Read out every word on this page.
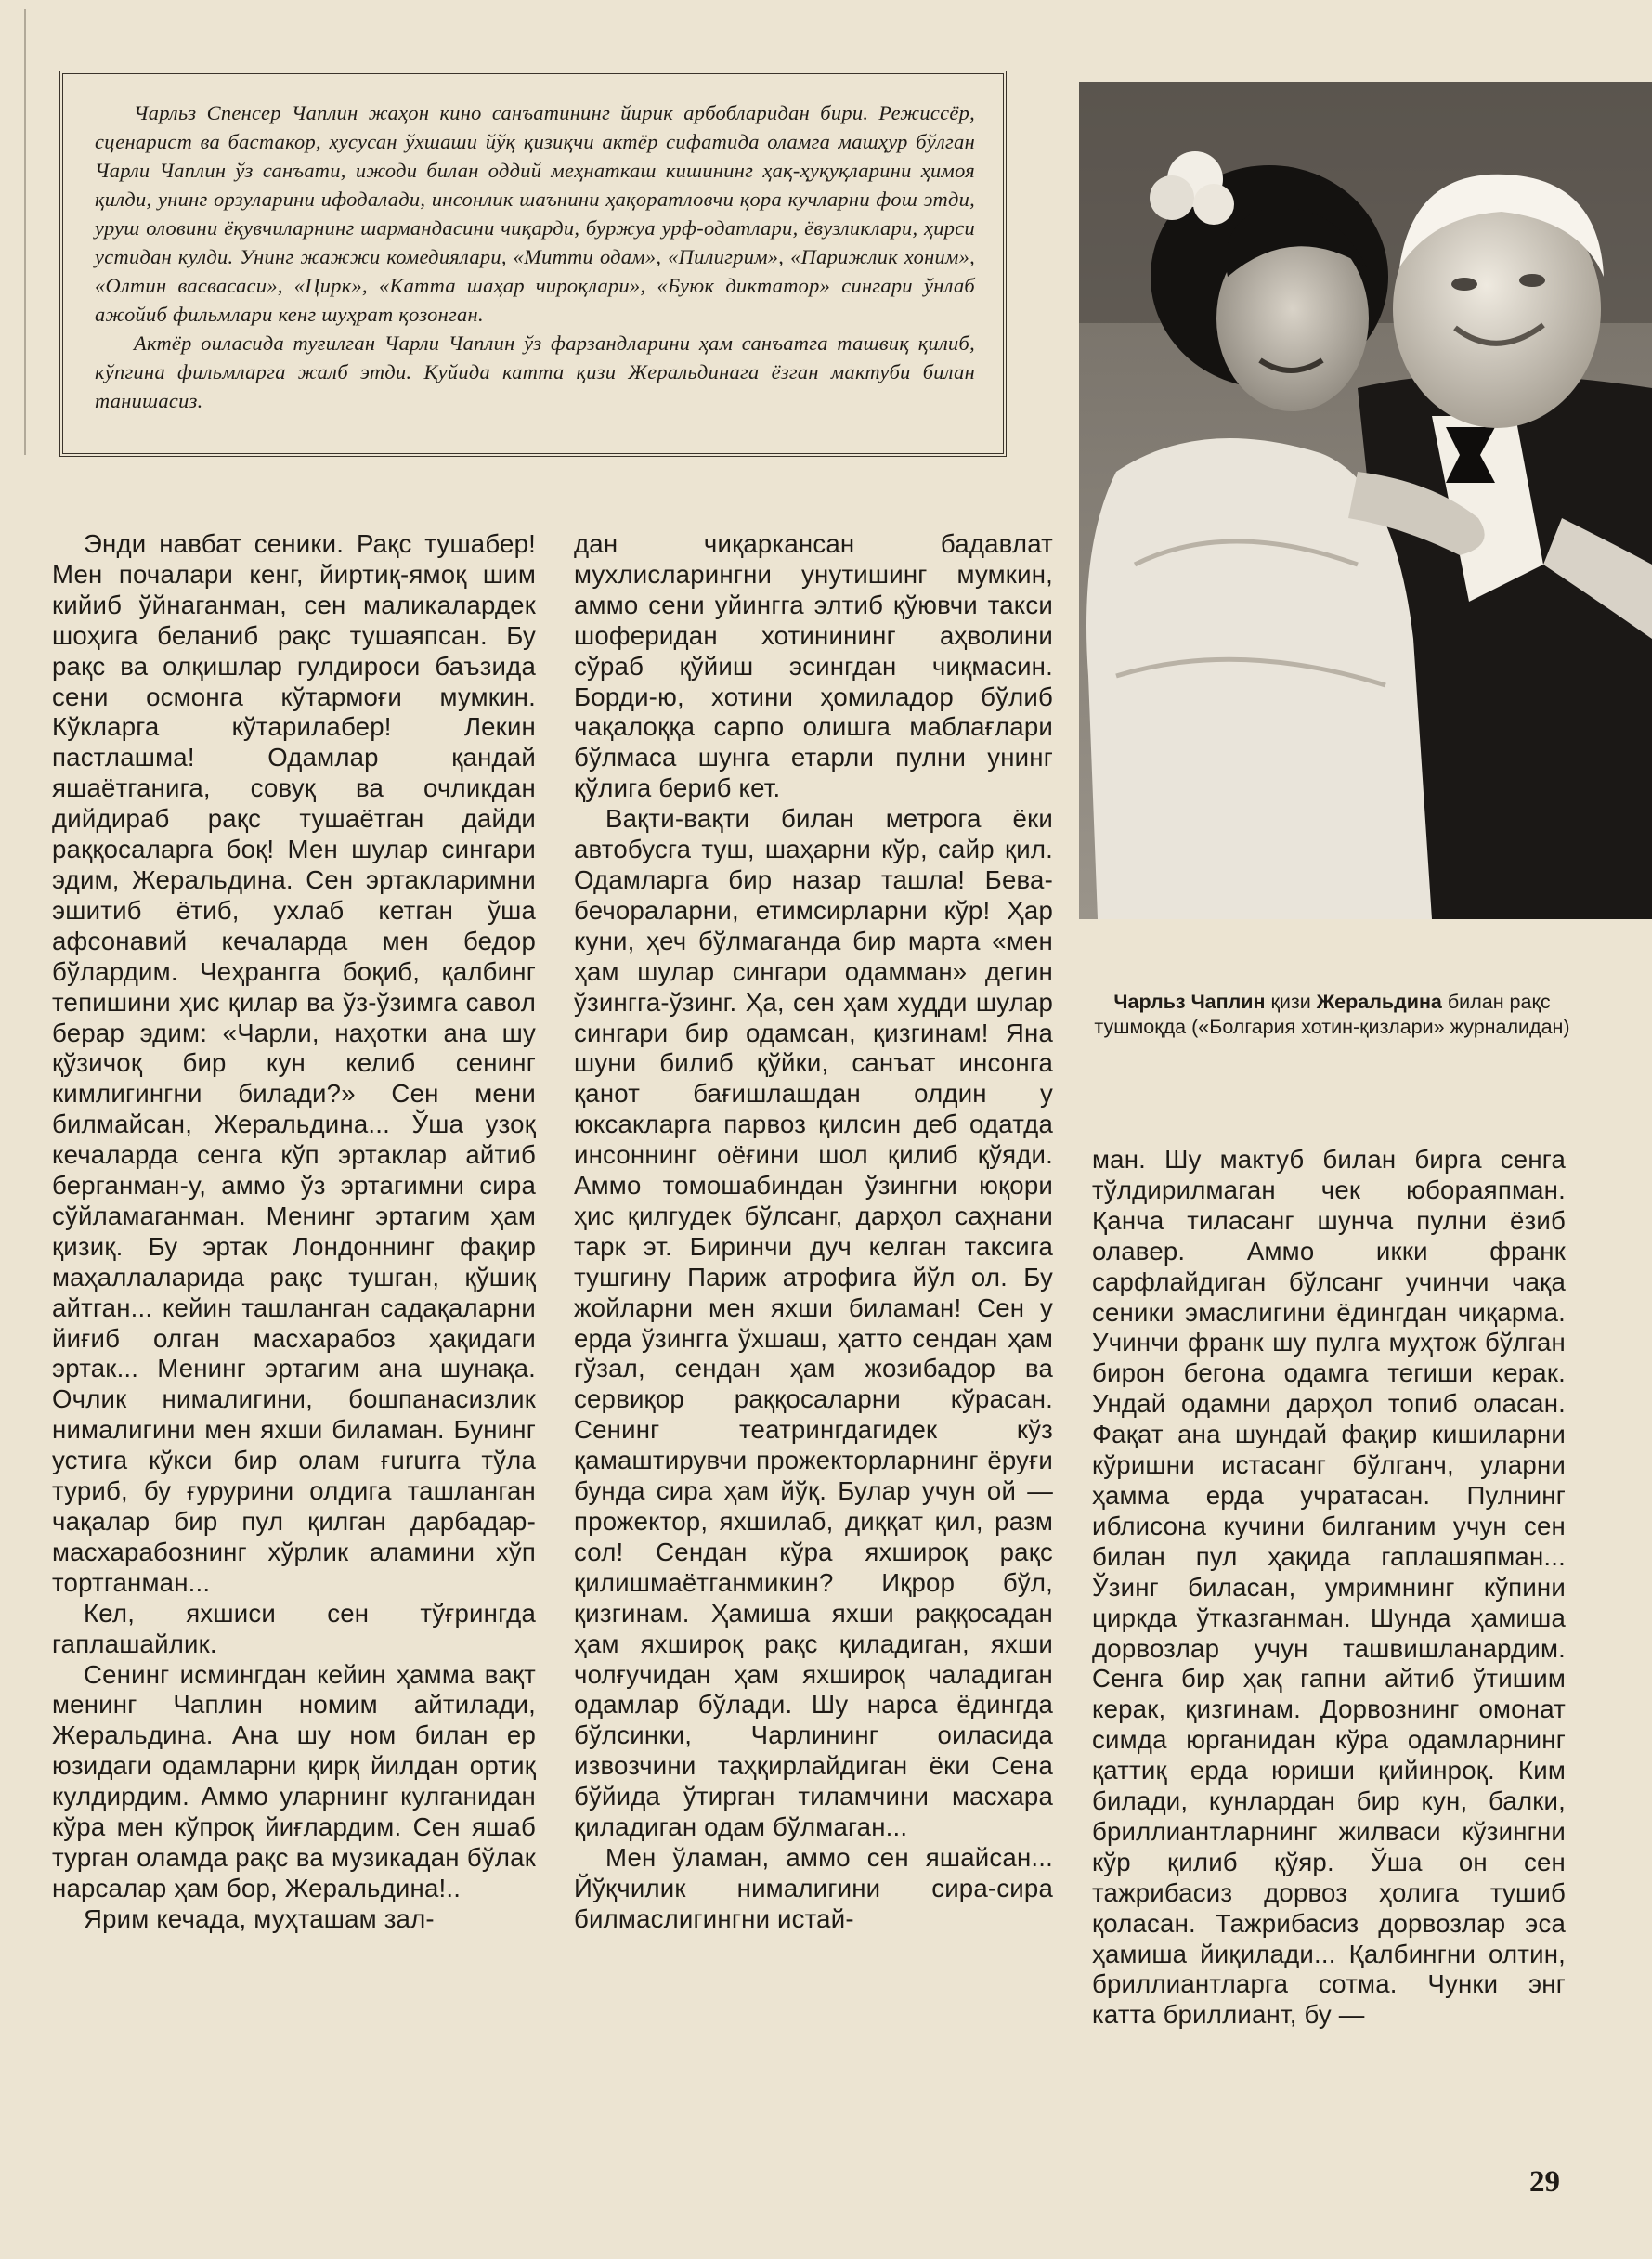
Чарльз Спенсер Чаплин жаҳон кино санъатининг йирик арбобларидан бири. Режиссёр, сценарист ва бастакор, хусусан ўхшаши йўқ қизиқчи актёр сифатида оламга машҳур бўлган Чарли Чаплин ўз санъати, ижоди билан оддий меҳнаткаш кишининг ҳақ-ҳуқуқларини ҳимоя қилди, унинг орзуларини ифодалади, инсонлик шаънини ҳақоратловчи қора кучларни фош этди, уруш оловини ёқувчиларнинг шармандасини чиқарди, буржуа урф-одатлари, ёвузликлари, ҳирси устидан кулди. Унинг жажжи комедиялари, «Митти одам», «Пилигрим», «Парижлик хоним», «Олтин васвасаси», «Цирк», «Катта шаҳар чироқлари», «Буюк диктатор» сингари ўнлаб ажойиб фильмлари кенг шуҳрат қозонган.

Актёр оиласида туғилган Чарли Чаплин ўз фарзандларини ҳам санъатга ташвиқ қилиб, кўпгина фильмларга жалб этди. Қуйида катта қизи Жеральдинага ёзган мактуби билан танишасиз.

Чарльз Чаплин қизи Жеральдина билан рақс тушмоқда («Болгария хотин-қизлари» журналидан)

Энди навбат сеники. Рақс тушабер! Мен почалари кенг, йиртиқ-ямоқ шим кийиб ўйнаганман, сен маликалардек шоҳига беланиб рақс тушаяпсан. Бу рақс ва олқишлар гулдироси баъзида сени осмонга кўтармоғи мумкин. Кўкларга кўтарилабер! Лекин пастлашма! Одамлар қандай яшаётганига, совуқ ва очликдан дийдираб рақс тушаётган дайди раққосаларга боқ! Мен шулар сингари эдим, Жеральдина. Сен эртакларимни эшитиб ётиб, ухлаб кетган ўша афсонавий кечаларда мен бедор бўлардим. Чеҳрангга боқиб, қалбинг тепишини ҳис қилар ва ўз-ўзимга савол берар эдим: «Чарли, наҳотки ана шу қўзичоқ бир кун келиб сенинг кимлигингни билади?» Сен мени билмайсан, Жеральдина... Ўша узоқ кечаларда сенга кўп эртаклар айтиб берганман-у, аммо ўз эртагимни сира сўйламаганман. Менинг эртагим ҳам қизиқ. Бу эртак Лондоннинг фақир маҳаллаларида рақс тушган, қўшиқ айтган... кейин ташланган садақаларни йиғиб олган масхарабоз ҳақидаги эртак... Менинг эртагим ана шунақа. Очлик нималигини, бошпанасизлик нималигини мен яхши биламан. Бунинг устига кўкси бир олам ғururга тўла туриб, бу ғурурини олдига ташланган чақалар бир пул қилган дарбадар-масхарабознинг хўрлик аламини хўп тортганман...

Кел, яхшиси сен тўғрингда гаплашайлик.

Сенинг исмингдан кейин ҳамма вақт менинг Чаплин номим айтилади, Жеральдина. Ана шу ном билан ер юзидаги одамларни қирқ йилдан ортиқ кулдирдим. Аммо уларнинг кулганидан кўра мен кўпроқ йиғлардим. Сен яшаб турган оламда рақс ва музикадан бўлак нарсалар ҳам бор, Жеральдина!..

Ярим кечада, муҳташам зал-

дан чиқаркансан бадавлат мухлисларингни унутишинг мумкин, аммо сени уйингга элтиб қўювчи такси шоферидан хотинининг аҳволини сўраб қўйиш эсингдан чиқмасин. Борди-ю, хотини ҳомиладор бўлиб чақалоққа сарпо олишга маблағлари бўлмаса шунга етарли пулни унинг қўлига бериб кет.

Вақти-вақти билан метрога ёки автобусга туш, шаҳарни кўр, сайр қил. Одамларга бир назар ташла! Бева-бечораларни, етимсирларни кўр! Ҳар куни, ҳеч бўлмаганда бир марта «мен ҳам шулар сингари одамман» дегин ўзингга-ўзинг. Ҳа, сен ҳам худди шулар сингари бир одамсан, қизгинам! Яна шуни билиб қўйки, санъат инсонга қанот бағишлашдан олдин у юксакларга парвоз қилсин деб одатда инсоннинг оёғини шол қилиб қўяди. Аммо томошабиндан ўзингни юқори ҳис қилгудек бўлсанг, дарҳол саҳнани тарк эт. Биринчи дуч келган таксига тушгину Париж атрофига йўл ол. Бу жойларни мен яхши биламан! Сен у ерда ўзингга ўхшаш, ҳатто сендан ҳам гўзал, сендан ҳам жозибадор ва сервиқор раққосаларни кўрасан. Сенинг театрингдагидек кўз қамаштирувчи прожекторларнинг ёруғи бунда сира ҳам йўқ. Булар учун ой — прожектор, яхшилаб, диққат қил, разм сол! Сендан кўра яхшироқ рақс қилишмаётганмикин? Иқрор бўл, қизгинам. Ҳамиша яхши раққосадан ҳам яхшироқ рақс қиладиган, яхши чолғучидан ҳам яхшироқ чаладиган одамлар бўлади. Шу нарса ёдингда бўлсинки, Чарлининг оиласида извозчини таҳқирлайдиган ёки Сена бўйида ўтирган тиламчини масхара қиладиган одам бўлмаган...

Мен ўламан, аммо сен яшайсан... Йўқчилик нималигини сира-сира билмаслигингни истай-

ман. Шу мактуб билан бирга сенга тўлдирилмаган чек юбораяпман. Қанча тиласанг шунча пулни ёзиб олавер. Аммо икки франк сарфлайдиган бўлсанг учинчи чақа сеники эмаслигини ёдингдан чиқарма. Учинчи франк шу пулга муҳтож бўлган бирон бегона одамга тегиши керак. Ундай одамни дарҳол топиб оласан. Фақат ана шундай фақир кишиларни кўришни истасанг бўлганч, уларни ҳамма ерда учратасан. Пулнинг иблисона кучини билганим учун сен билан пул ҳақида гаплашяпман... Ўзинг биласан, умримнинг кўпини циркда ўтказганман. Шунда ҳамиша дорвозлар учун ташвишланардим. Сенга бир ҳақ гапни айтиб ўтишим керак, қизгинам. Дорвознинг омонат симда юрганидан кўра одамларнинг қаттиқ ерда юриши қийинроқ. Ким билади, кунлардан бир кун, балки, бриллиантларнинг жилваси кўзингни кўр қилиб қўяр. Ўша он сен тажрибасиз дорвоз ҳолига тушиб қоласан. Тажрибасиз дорвозлар эса ҳамиша йиқилади... Қалбингни олтин, бриллиантларга сотма. Чунки энг катта бриллиант, бу —

29
